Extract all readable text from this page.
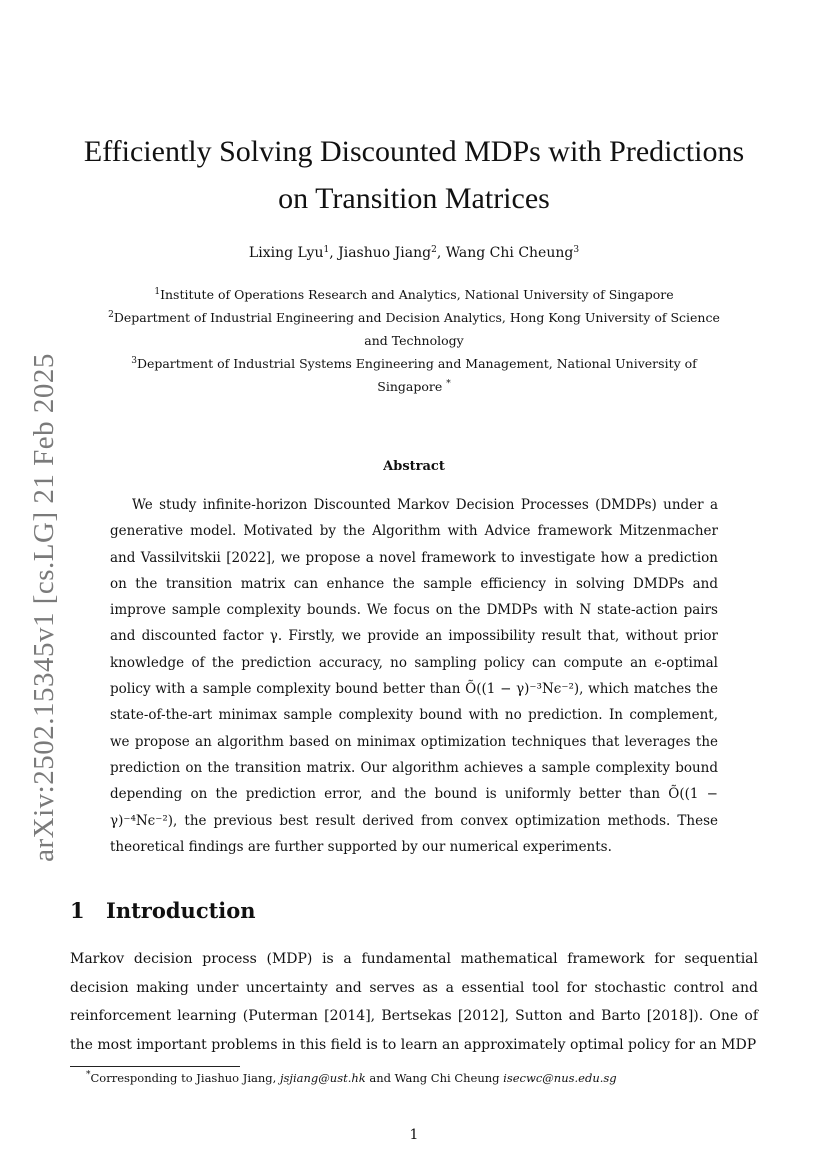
arXiv:2502.15345v1 [cs.LG] 21 Feb 2025
Efficiently Solving Discounted MDPs with Predictions
on Transition Matrices
Lixing Lyu$^1$, Jiashuo Jiang$^2$, Wang Chi Cheung$^3$

$^1$Institute of Operations Research and Analytics, National University of Singapore

$^2$Department of Industrial Engineering and Decision Analytics, Hong Kong University of Science and Technology

$^3$Department of Industrial Systems Engineering and Management, National University of Singapore *

Abstract

We study infinite-horizon Discounted Markov Decision Processes (DMDPs) under a generative model. Motivated by the Algorithm with Advice framework Mitzenmacher and Vassilvitskii [2022], we propose a novel framework to investigate how a prediction on the transition matrix can enhance the sample efficiency in solving DMDPs and improve sample complexity bounds. We focus on the DMDPs with N state-action pairs and discounted factor γ. Firstly, we provide an impossibility result that, without prior knowledge of the prediction accuracy, no sampling policy can compute an ϵ-optimal policy with a sample complexity bound better than Õ((1 − γ)⁻³Nϵ⁻²), which matches the state-of-the-art minimax sample complexity bound with no prediction. In complement, we propose an algorithm based on minimax optimization techniques that leverages the prediction on the transition matrix. Our algorithm achieves a sample complexity bound depending on the prediction error, and the bound is uniformly better than Õ((1 − γ)⁻⁴Nϵ⁻²), the previous best result derived from convex optimization methods. These theoretical findings are further supported by our numerical experiments.

1 Introduction

Markov decision process (MDP) is a fundamental mathematical framework for sequential decision making under uncertainty and serves as a essential tool for stochastic control and reinforcement learning (Puterman [2014], Bertsekas [2012], Sutton and Barto [2018]). One of the most important problems in this field is to learn an approximately optimal policy for an MDP

*Corresponding to Jiashuo Jiang, jsjiang@ust.hk and Wang Chi Cheung isecwc@nus.edu.sg
1
